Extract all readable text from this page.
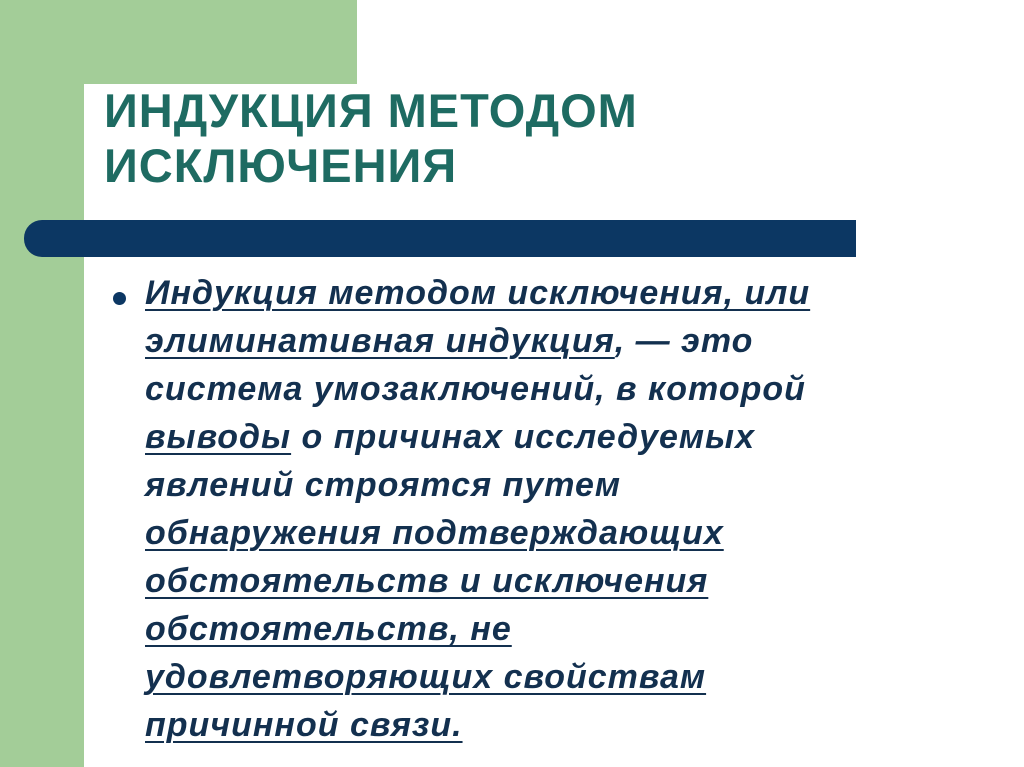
ИНДУКЦИЯ МЕТОДОМ
ИСКЛЮЧЕНИЯ

Индукция методом исключения, или
элиминативная индукция, — это
система умозаключений, в которой
выводы о причинах исследуемых
явлений строятся путем
обнаружения подтверждающих
обстоятельств и исключения
обстоятельств, не
удовлетворяющих свойствам
причинной связи.
